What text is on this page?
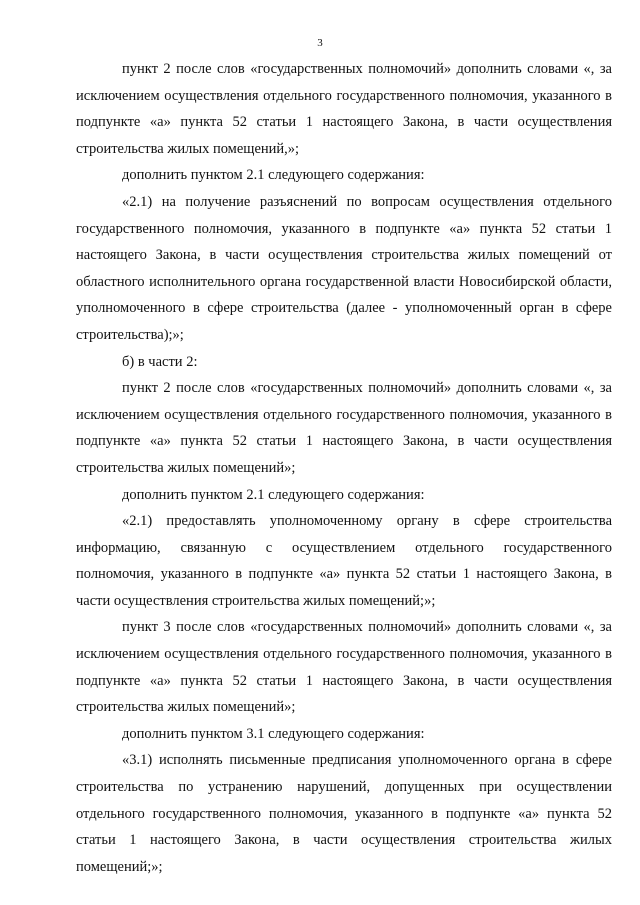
3

пункт 2 после слов «государственных полномочий» дополнить словами «, за исключением осуществления отдельного государственного полномочия, указанного в подпункте «а» пункта 52 статьи 1 настоящего Закона, в части осуществления строительства жилых помещений,»;

дополнить пунктом 2.1 следующего содержания:

«2.1) на получение разъяснений по вопросам осуществления отдельного государственного полномочия, указанного в подпункте «а» пункта 52 статьи 1 настоящего Закона, в части осуществления строительства жилых помещений от областного исполнительного органа государственной власти Новосибирской области, уполномоченного в сфере строительства (далее - уполномоченный орган в сфере строительства);»;

б) в части 2:

пункт 2 после слов «государственных полномочий» дополнить словами «, за исключением осуществления отдельного государственного полномочия, указанного в подпункте «а» пункта 52 статьи 1 настоящего Закона, в части осуществления строительства жилых помещений»;

дополнить пунктом 2.1 следующего содержания:

«2.1) предоставлять уполномоченному органу в сфере строительства информацию, связанную с осуществлением отдельного государственного полномочия, указанного в подпункте «а» пункта 52 статьи 1 настоящего Закона, в части осуществления строительства жилых помещений;»;

пункт 3 после слов «государственных полномочий» дополнить словами «, за исключением осуществления отдельного государственного полномочия, указанного в подпункте «а» пункта 52 статьи 1 настоящего Закона, в части осуществления строительства жилых помещений»;

дополнить пунктом 3.1 следующего содержания:

«3.1) исполнять письменные предписания уполномоченного органа в сфере строительства по устранению нарушений, допущенных при осуществлении отдельного государственного полномочия, указанного в подпункте «а» пункта 52 статьи 1 настоящего Закона, в части осуществления строительства жилых помещений;»;
